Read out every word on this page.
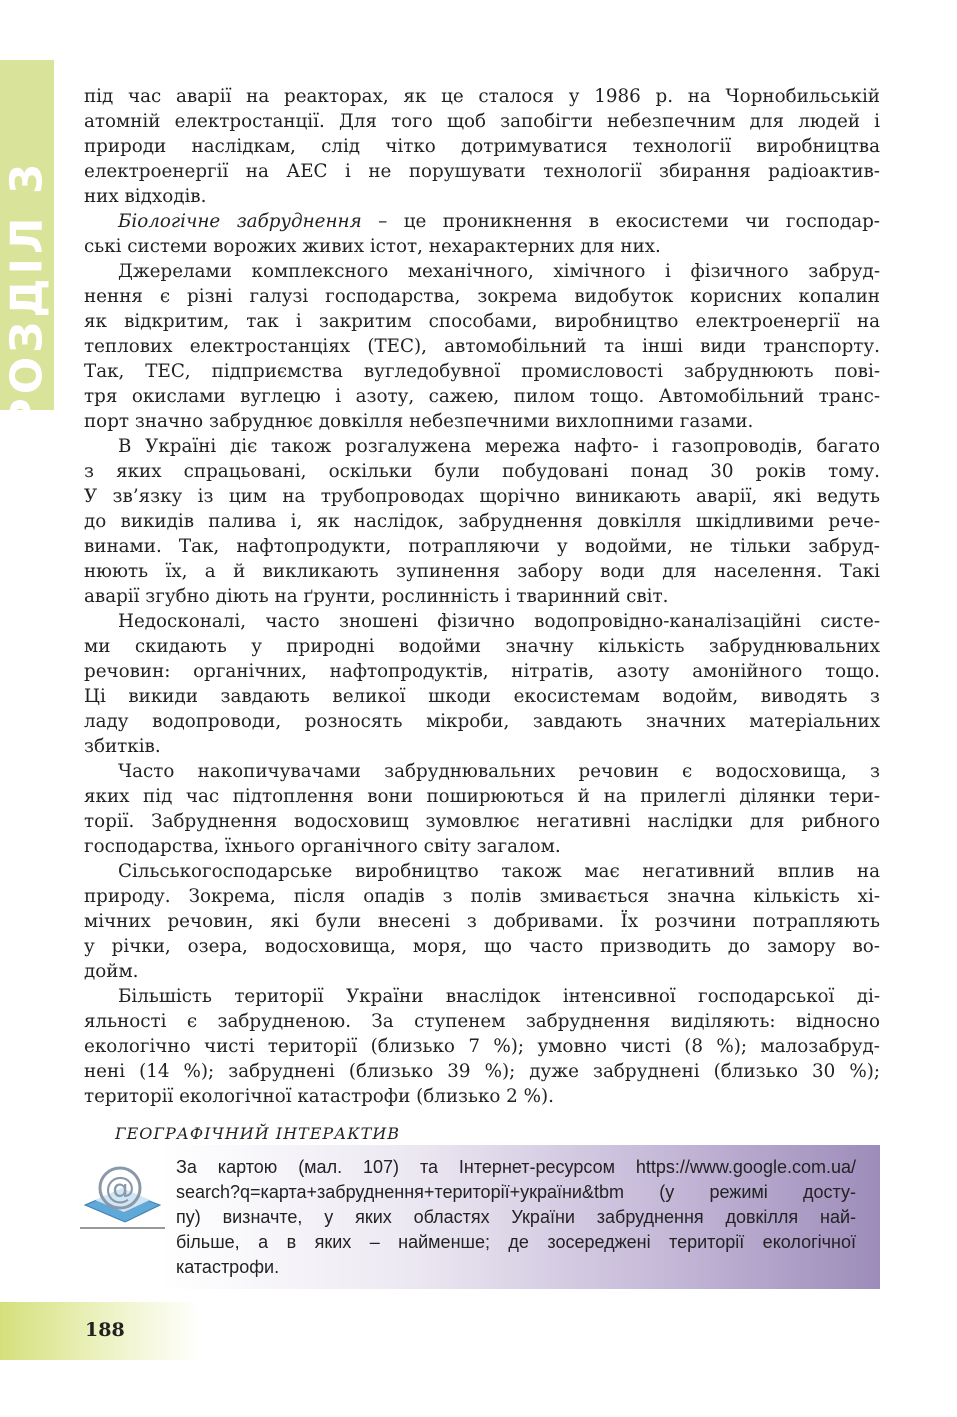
РОЗДІЛ 3
під час аварії на реакторах, як це сталося у 1986 р. на Чорнобильській
атомній електростанції. Для того щоб запобігти небезпечним для людей і
природи наслідкам, слід чітко дотримуватися технології виробництва
електроенергії на АЕС і не порушувати технології збирання радіоактив-
них відходів.
Біологічне забруднення – це проникнення в екосистеми чи господар-
ські системи ворожих живих істот, нехарактерних для них.
Джерелами комплексного механічного, хімічного і фізичного забруд-
нення є різні галузі господарства, зокрема видобуток корисних копалин
як відкритим, так і закритим способами, виробництво електроенергії на
теплових електростанціях (ТЕС), автомобільний та інші види транспорту.
Так, ТЕС, підприємства вугледобувної промисловості забруднюють пові-
тря окислами вуглецю і азоту, сажею, пилом тощо. Автомобільний транс-
порт значно забруднює довкілля небезпечними вихлопними газами.
В Україні діє також розгалужена мережа нафто- і газопроводів, багато
з яких спрацьовані, оскільки були побудовані понад 30 років тому.
У зв’язку із цим на трубопроводах щорічно виникають аварії, які ведуть
до викидів палива і, як наслідок, забруднення довкілля шкідливими рече-
винами. Так, нафтопродукти, потрапляючи у водойми, не тільки забруд-
нюють їх, а й викликають зупинення забору води для населення. Такі
аварії згубно діють на ґрунти, рослинність і тваринний світ.
Недосконалі, часто зношені фізично водопровідно-каналізаційні систе-
ми скидають у природні водойми значну кількість забруднювальних
речовин: органічних, нафтопродуктів, нітратів, азоту амонійного тощо.
Ці викиди завдають великої шкоди екосистемам водойм, виводять з
ладу водопроводи, розносять мікроби, завдають значних матеріальних
збитків.
Часто накопичувачами забруднювальних речовин є водосховища, з
яких під час підтоплення вони поширюються й на прилеглі ділянки тери-
торії. Забруднення водосховищ зумовлює негативні наслідки для рибного
господарства, їхнього органічного світу загалом.
Сільськогосподарське виробництво також має негативний вплив на
природу. Зокрема, після опадів з полів змивається значна кількість хі-
мічних речовин, які були внесені з добривами. Їх розчини потрапляють
у річки, озера, водосховища, моря, що часто призводить до замору во-
дойм.
Більшість території України внаслідок інтенсивної господарської ді-
яльності є забрудненою. За ступенем забруднення виділяють: відносно
екологічно чисті території (близько 7 %); умовно чисті (8 %); малозабруд-
нені (14 %); забруднені (близько 39 %); дуже забруднені (близько 30 %);
території екологічної катастрофи (близько 2 %).
ГЕОГРАФІЧНИЙ ІНТЕРАКТИВ
За картою (мал. 107) та Інтернет-ресурсом https://www.google.com.ua/
search?q=карта+забруднення+території+україни&tbm (у режимі досту-
пу) визначте, у яких областях України забруднення довкілля най-
більше, а в яких – найменше; де зосереджені території екологічної
катастрофи.
@
188
